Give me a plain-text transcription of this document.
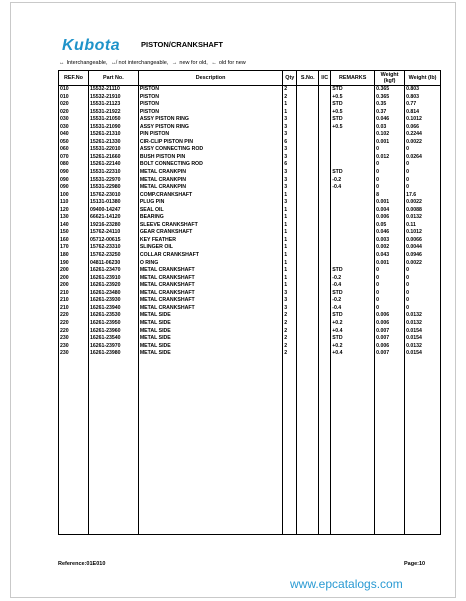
Kubota	PISTON/CRANKSHAFT
↔ Interchangeable, ↮ not interchangeable, → new for old, ← old for new
REF.No	Part No.	Description	Qty	S.No.	I/C	REMARKS	Weight (kgf)	Weight (lb)
010	15532-21110	PISTON	2			STD	0.365	0.803
010	15532-21910	PISTON	2			+0.5	0.365	0.803
020	15531-21123	PISTON	1			STD	0.35	0.77
020	15531-21922	PISTON	1			+0.5	0.37	0.814
030	15531-21050	ASSY PISTON RING	3			STD	0.046	0.1012
030	15531-21090	ASSY PISTON RING	3			+0.5	0.03	0.066
040	15261-21310	PIN PISTON	3				0.102	0.2244
050	15261-21330	CIR-CLIP PISTON PIN	6				0.001	0.0022
060	15531-22010	ASSY CONNECTING ROD	3				0	0
070	15261-21660	BUSH PISTON PIN	3				0.012	0.0264
080	15261-22140	BOLT CONNECTING ROD	6				0	0
090	15531-22310	METAL CRANKPIN	3			STD	0	0
090	15531-22970	METAL CRANKPIN	3			-0.2	0	0
090	15531-22980	METAL CRANKPIN	3			-0.4	0	0
100	15762-23010	COMP.CRANKSHAFT	1				8	17.6
110	15131-01380	PLUG PIN	3				0.001	0.0022
120	09400-14247	SEAL OIL	1				0.004	0.0088
130	66621-14120	BEARING	1				0.006	0.0132
140	19216-23280	SLEEVE CRANKSHAFT	1				0.05	0.11
150	15762-24110	GEAR CRANKSHAFT	1				0.046	0.1012
160	05712-00615	KEY FEATHER	1				0.003	0.0066
170	15762-23310	SLINGER OIL	1				0.002	0.0044
180	15762-23250	COLLAR CRANKSHAFT	1				0.043	0.0946
190	04811-06230	O RING	1				0.001	0.0022
200	16261-23470	METAL CRANKSHAFT	1			STD	0	0
200	16261-23910	METAL CRANKSHAFT	1			-0.2	0	0
200	16261-23920	METAL CRANKSHAFT	1			-0.4	0	0
210	16261-23480	METAL CRANKSHAFT	3			STD	0	0
210	16261-23930	METAL CRANKSHAFT	3			-0.2	0	0
210	16261-23940	METAL CRANKSHAFT	3			-0.4	0	0
220	16261-23530	METAL SIDE	2			STD	0.006	0.0132
220	16261-23950	METAL SIDE	2			+0.2	0.006	0.0132
220	16261-23960	METAL SIDE	2			+0.4	0.007	0.0154
230	16261-23540	METAL SIDE	2			STD	0.007	0.0154
230	16261-23970	METAL SIDE	2			+0.2	0.006	0.0132
230	16261-23980	METAL SIDE	2			+0.4	0.007	0.0154

Reference:01E010	Page:10
www.epcatalogs.com
